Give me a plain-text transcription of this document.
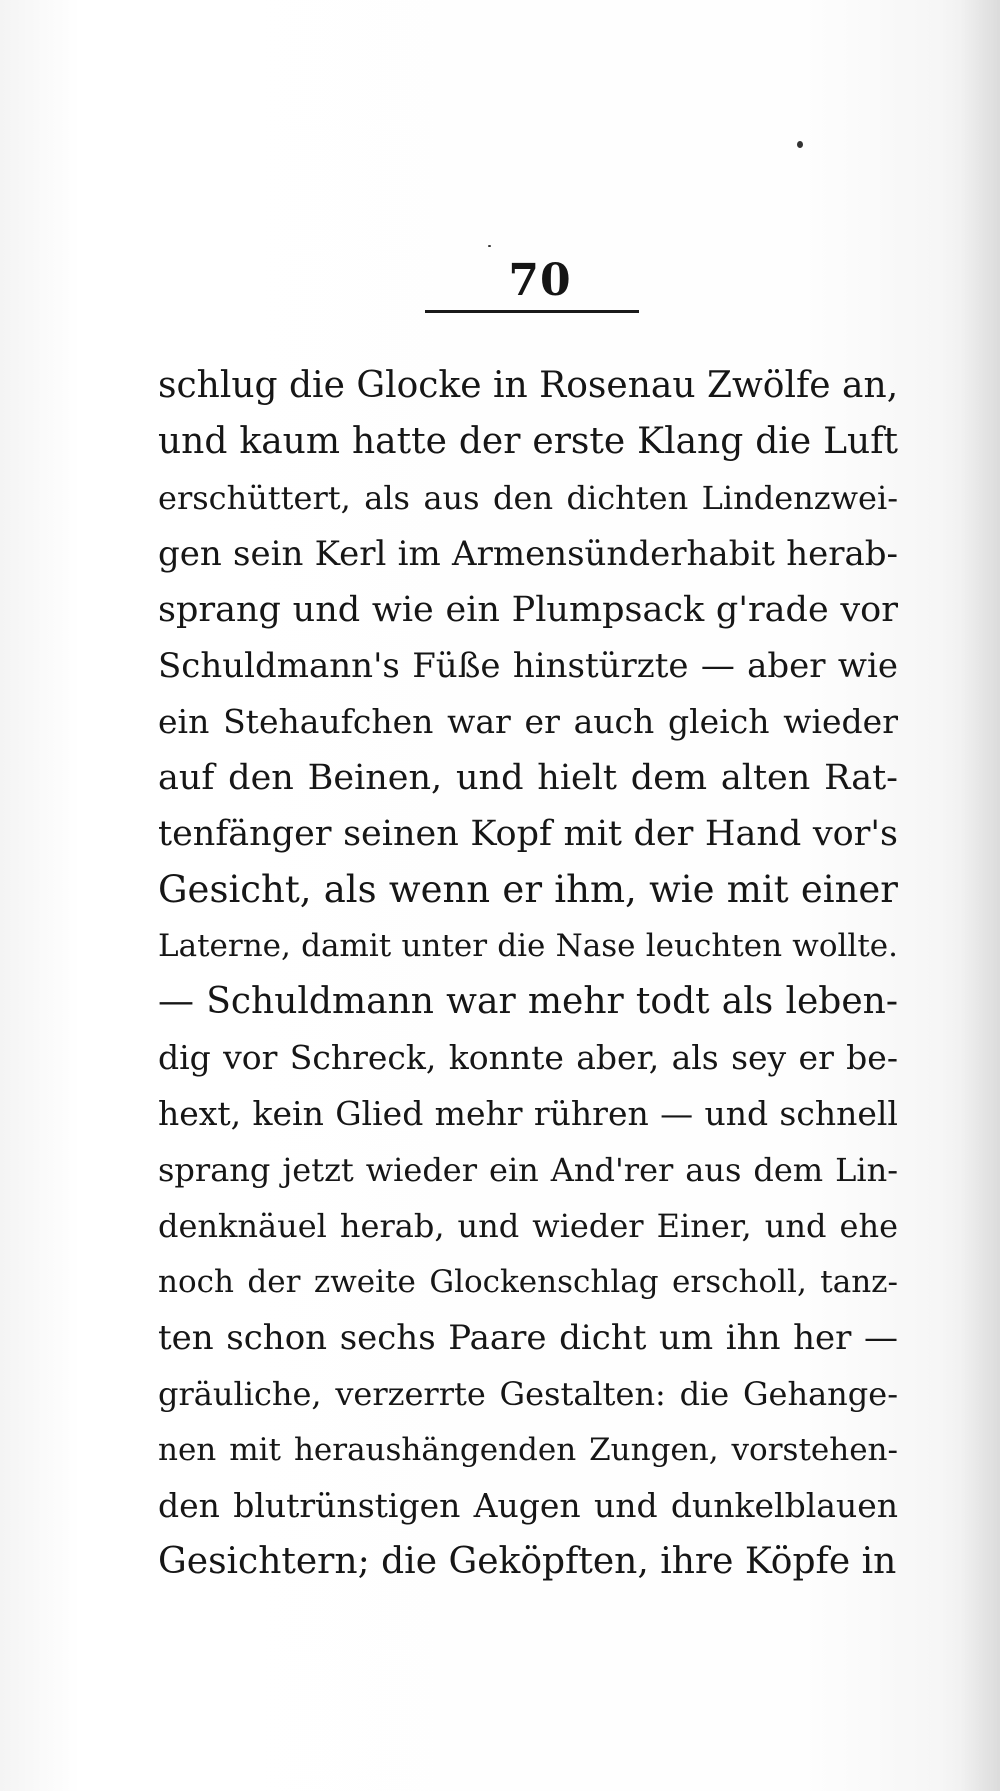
70
schlug die Glocke in Rosenau Zwölfe an,
und kaum hatte der erste Klang die Luft
erschüttert, als aus den dichten Lindenzwei-
gen sein Kerl im Armensünderhabit herab-
sprang und wie ein Plumpsack g'rade vor
Schuldmann's Füße hinstürzte — aber wie
ein Stehaufchen war er auch gleich wieder
auf den Beinen, und hielt dem alten Rat-
tenfänger seinen Kopf mit der Hand vor's
Gesicht, als wenn er ihm, wie mit einer
Laterne, damit unter die Nase leuchten wollte.
— Schuldmann war mehr todt als leben-
dig vor Schreck, konnte aber, als sey er be-
hext, kein Glied mehr rühren — und schnell
sprang jetzt wieder ein And'rer aus dem Lin-
denknäuel herab, und wieder Einer, und ehe
noch der zweite Glockenschlag erscholl, tanz-
ten schon sechs Paare dicht um ihn her —
gräuliche, verzerrte Gestalten: die Gehange-
nen mit heraushängenden Zungen, vorstehen-
den blutrünstigen Augen und dunkelblauen
Gesichtern; die Geköpften, ihre Köpfe in
